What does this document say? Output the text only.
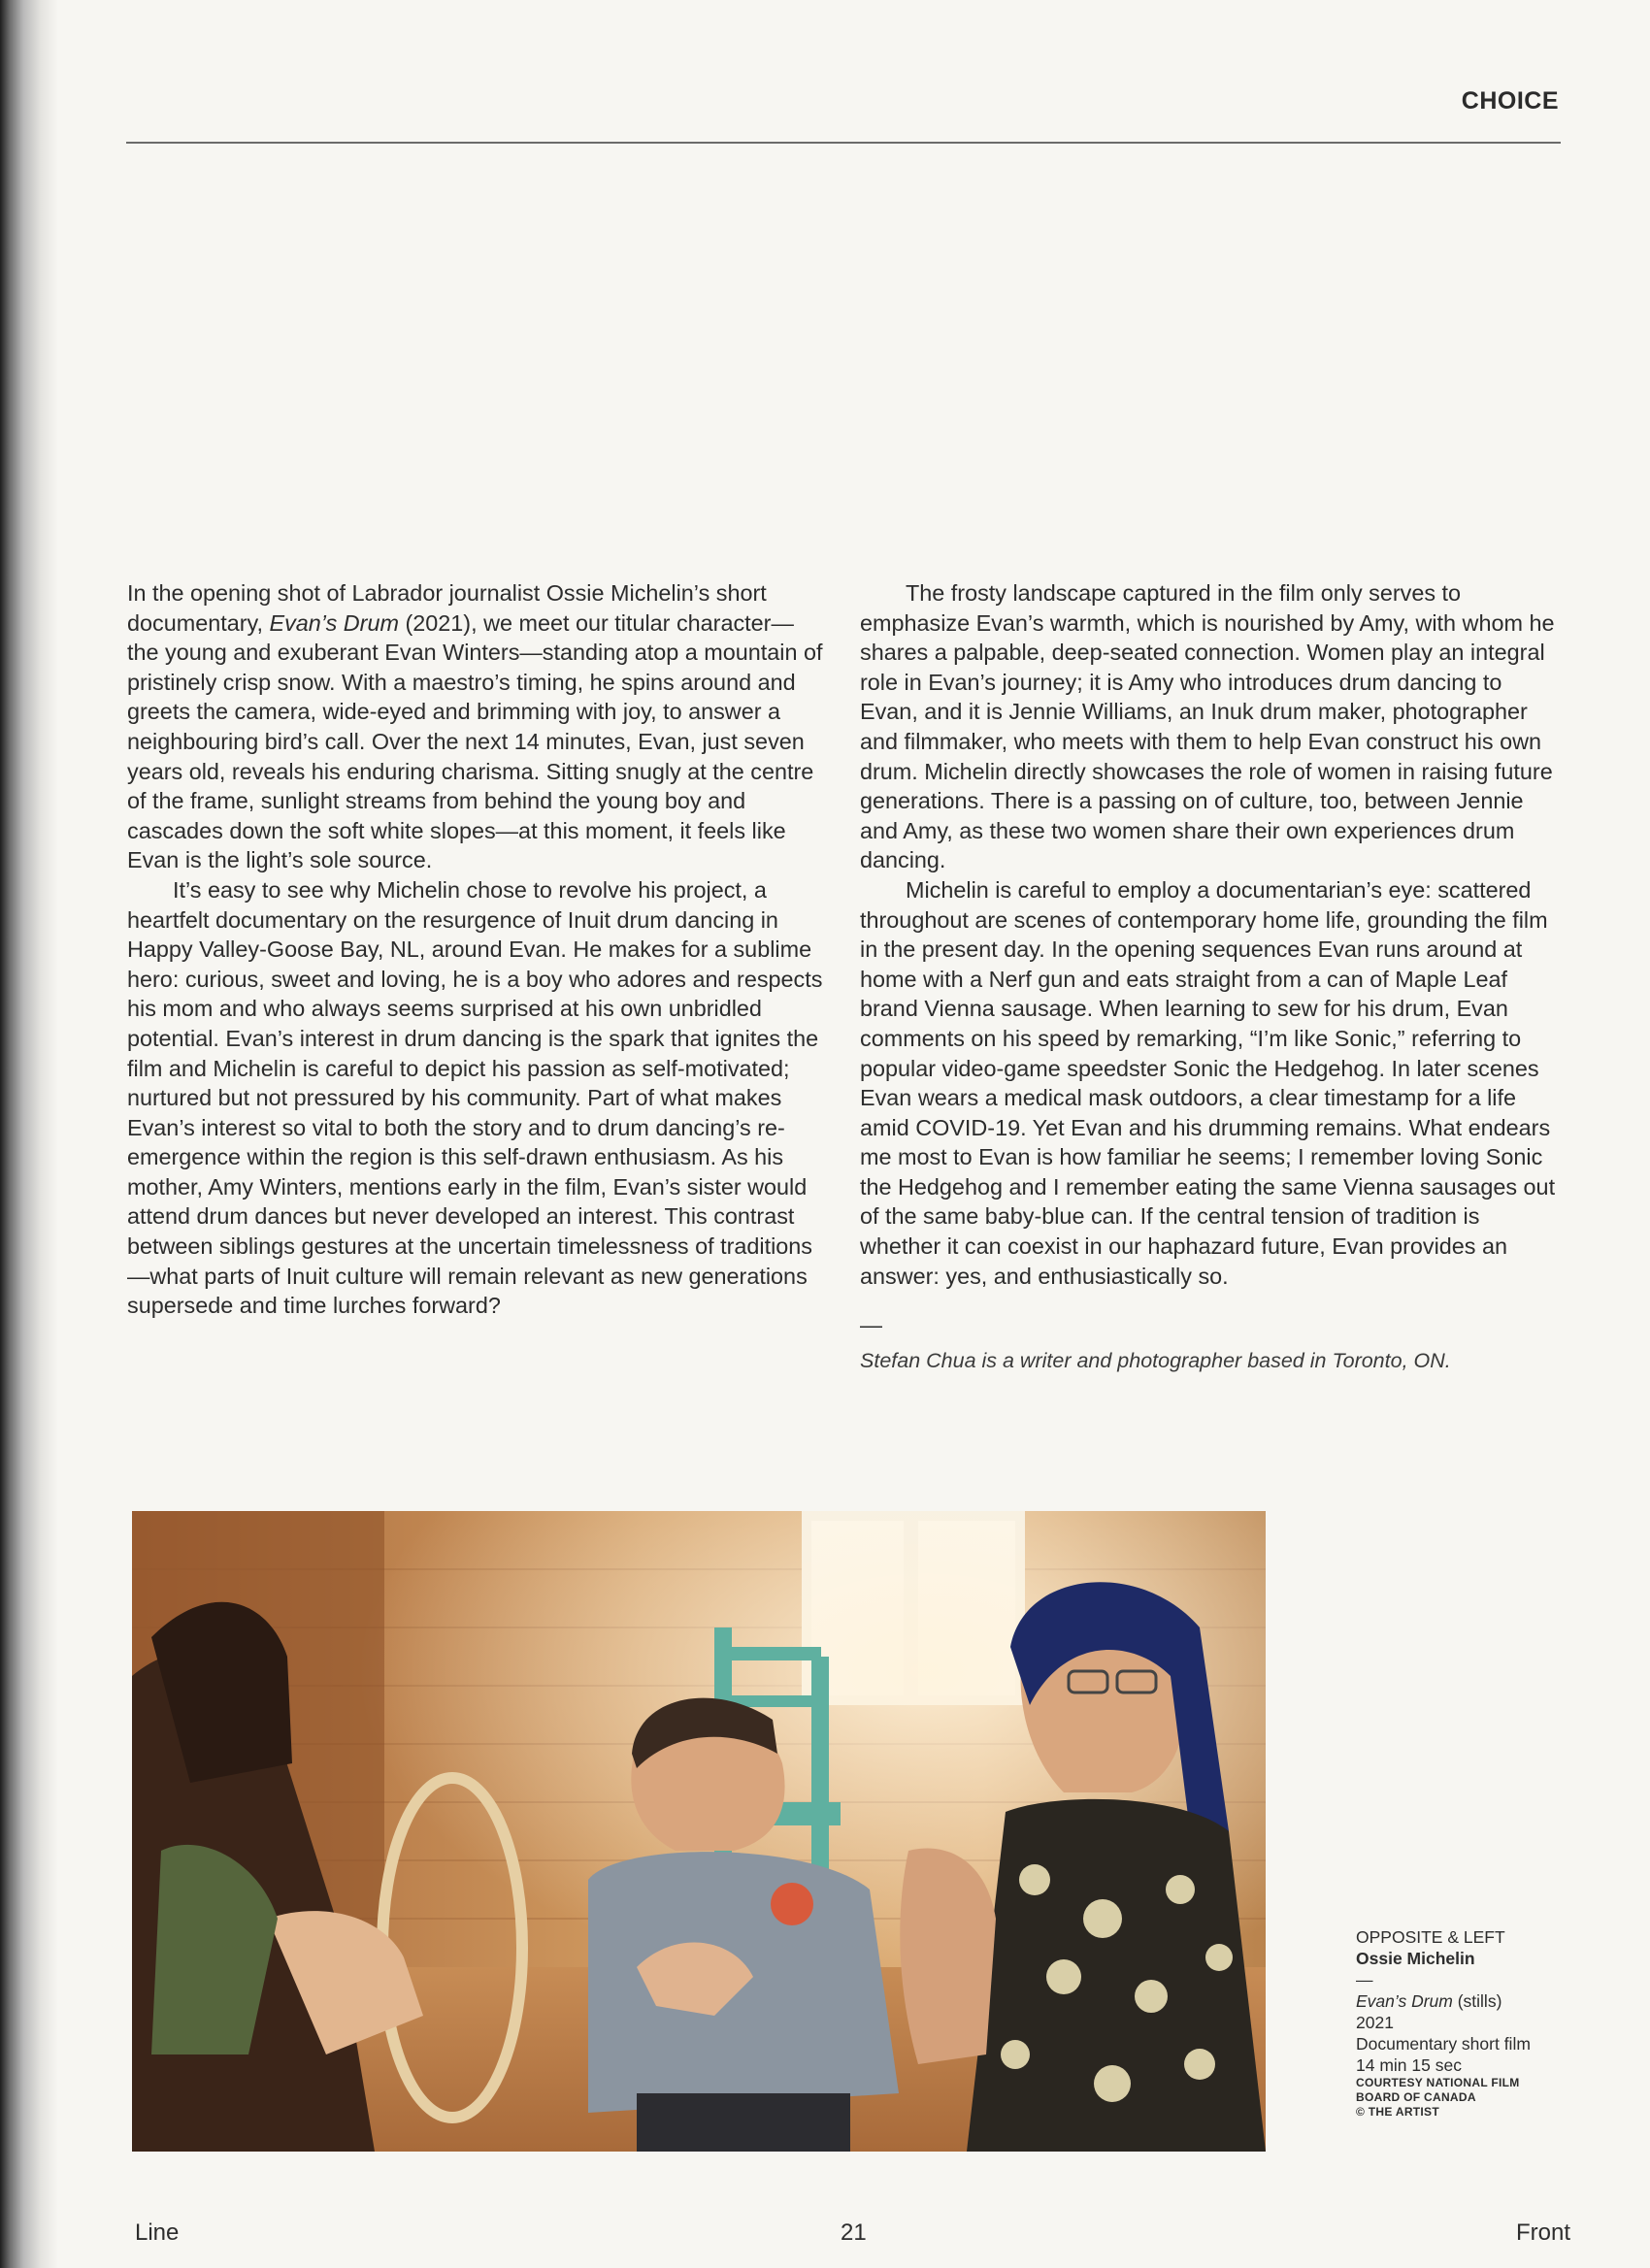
CHOICE

In the opening shot of Labrador journalist Ossie Michelin’s short documentary, Evan’s Drum (2021), we meet our titular character—the young and exuberant Evan Winters—standing atop a mountain of pristinely crisp snow. With a maestro’s timing, he spins around and greets the camera, wide-eyed and brimming with joy, to answer a neighbouring bird’s call. Over the next 14 minutes, Evan, just seven years old, reveals his enduring charisma. Sitting snugly at the centre of the frame, sunlight streams from behind the young boy and cascades down the soft white slopes—at this moment, it feels like Evan is the light’s sole source.

It’s easy to see why Michelin chose to revolve his project, a heartfelt documentary on the resurgence of Inuit drum dancing in Happy Valley-Goose Bay, NL, around Evan. He makes for a sublime hero: curious, sweet and loving, he is a boy who adores and respects his mom and who always seems surprised at his own unbridled potential. Evan’s interest in drum dancing is the spark that ignites the film and Michelin is careful to depict his passion as self-motivated; nurtured but not pressured by his community. Part of what makes Evan’s interest so vital to both the story and to drum dancing’s re-emergence within the region is this self-drawn enthusiasm. As his mother, Amy Winters, mentions early in the film, Evan’s sister would attend drum dances but never developed an interest. This contrast between siblings gestures at the uncertain timelessness of traditions—what parts of Inuit culture will remain relevant as new generations supersede and time lurches forward?

The frosty landscape captured in the film only serves to emphasize Evan’s warmth, which is nourished by Amy, with whom he shares a palpable, deep-seated connection. Women play an integral role in Evan’s journey; it is Amy who introduces drum dancing to Evan, and it is Jennie Williams, an Inuk drum maker, photographer and filmmaker, who meets with them to help Evan construct his own drum. Michelin directly showcases the role of women in raising future generations. There is a passing on of culture, too, between Jennie and Amy, as these two women share their own experiences drum dancing.

Michelin is careful to employ a documentarian’s eye: scattered throughout are scenes of contemporary home life, grounding the film in the present day. In the opening sequences Evan runs around at home with a Nerf gun and eats straight from a can of Maple Leaf brand Vienna sausage. When learning to sew for his drum, Evan comments on his speed by remarking, “I’m like Sonic,” referring to popular video-game speedster Sonic the Hedgehog. In later scenes Evan wears a medical mask outdoors, a clear timestamp for a life amid COVID-19. Yet Evan and his drumming remains. What endears me most to Evan is how familiar he seems; I remember loving Sonic the Hedgehog and I remember eating the same Vienna sausages out of the same baby-blue can. If the central tension of tradition is whether it can coexist in our haphazard future, Evan provides an answer: yes, and enthusiastically so.

—
Stefan Chua is a writer and photographer based in Toronto, ON.
OPPOSITE & LEFT
Ossie Michelin
—
Evan’s Drum (stills)
2021
Documentary short film
14 min 15 sec
COURTESY NATIONAL FILM
BOARD OF CANADA
© THE ARTIST
Line	21	Front
